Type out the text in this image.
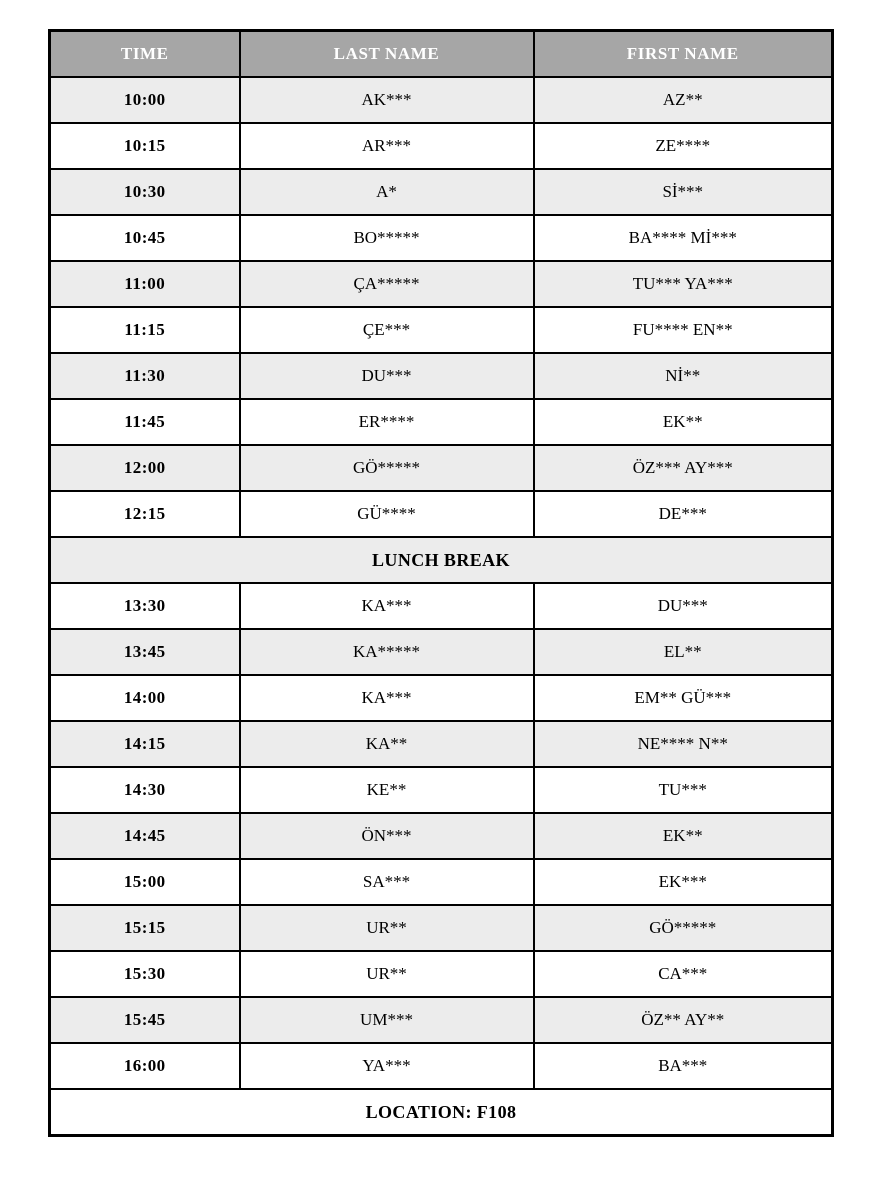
TIME	LAST NAME	FIRST NAME
10:00	AK***	AZ**
10:15	AR***	ZE****
10:30	A*	Sİ***
10:45	BO*****	BA**** Mİ***
11:00	ÇA*****	TU*** YA***
11:15	ÇE***	FU**** EN**
11:30	DU***	Nİ**
11:45	ER****	EK**
12:00	GÖ*****	ÖZ*** AY***
12:15	GÜ****	DE***
LUNCH BREAK		
13:30	KA***	DU***
13:45	KA*****	EL**
14:00	KA***	EM** GÜ***
14:15	KA**	NE**** N**
14:30	KE**	TU***
14:45	ÖN***	EK**
15:00	SA***	EK***
15:15	UR**	GÖ*****
15:30	UR**	CA***
15:45	UM***	ÖZ** AY**
16:00	YA***	BA***
LOCATION: F108		
